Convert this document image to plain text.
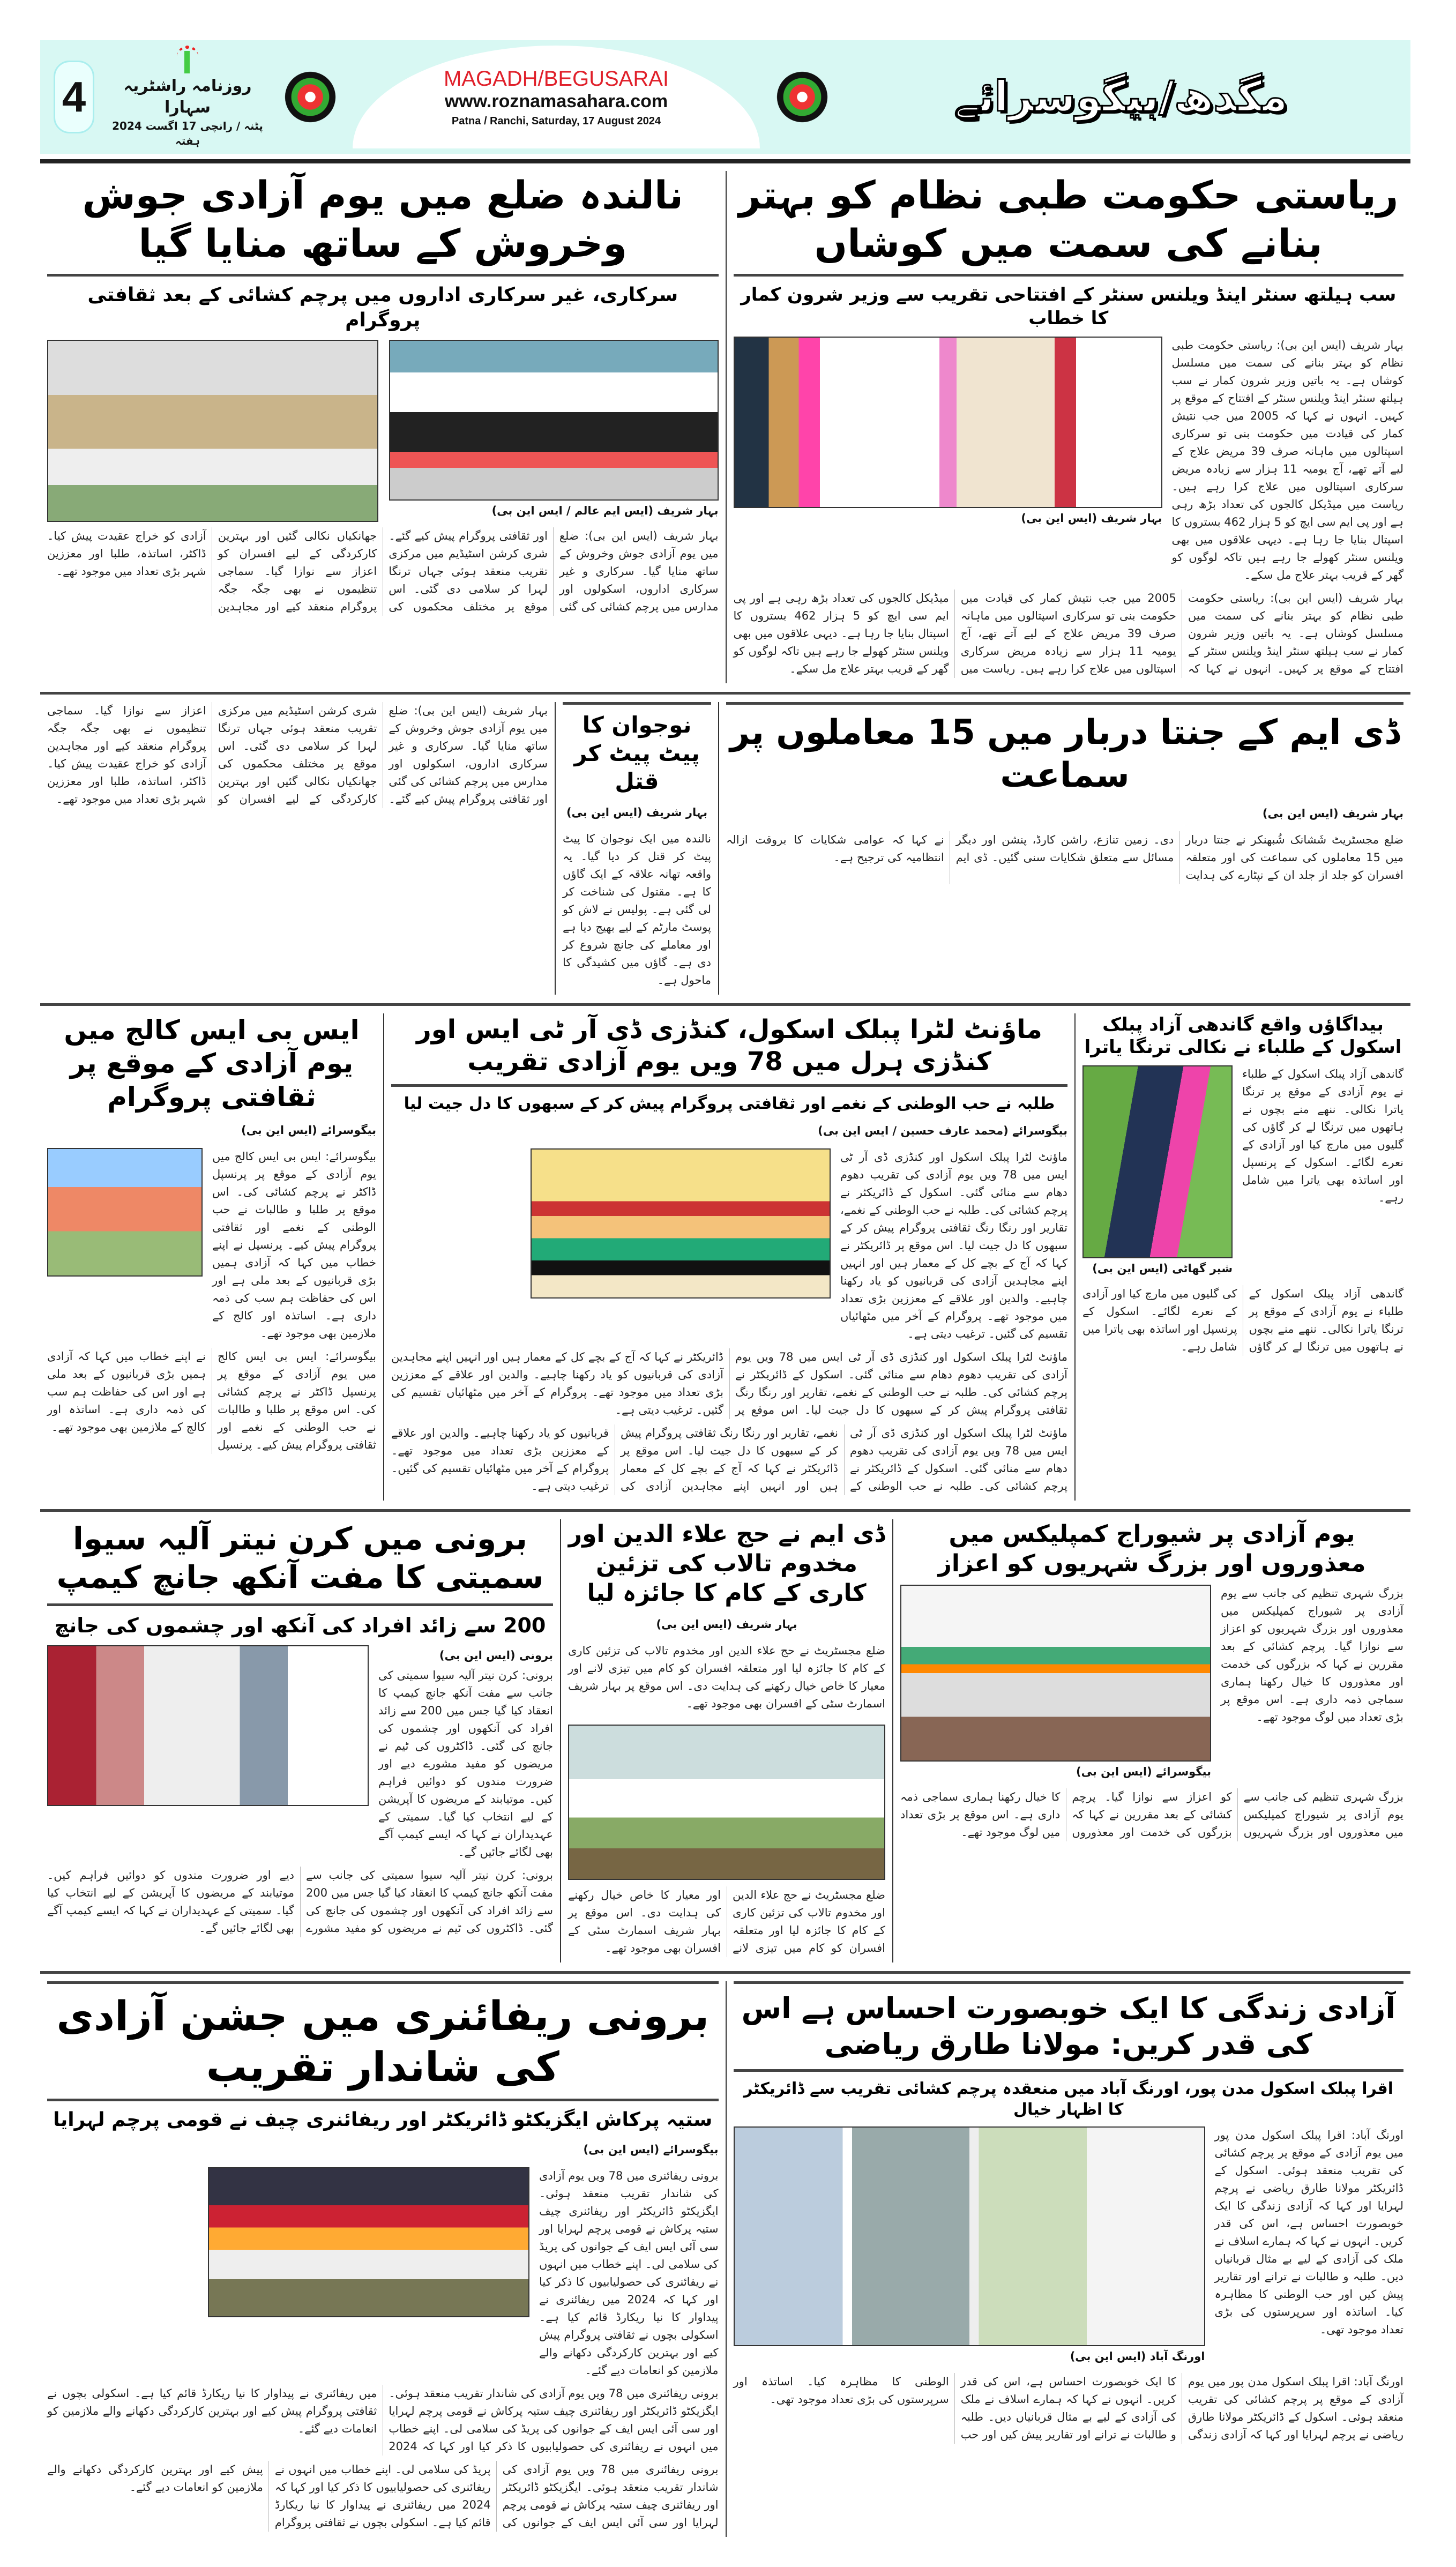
4	روزنامہ راشٹریہ سہارا
پٹنہ / رانچی 17 اگست 2024 ہفتہ
MAGADH/BEGUSARAI
www.roznamasahara.com
Patna / Ranchi, Saturday, 17 August 2024	مگدھ/بیگوسرائے
نالندہ ضلع میں یوم آزادی جوش وخروش کے ساتھ منایا گیا
سرکاری، غیر سرکاری اداروں میں پرچم کشائی کے بعد ثقافتی پروگرام
بہار شریف (ایس ایم عالم / ایس این بی)
بہار شریف (ایس این بی): ضلع میں یوم آزادی جوش وخروش کے ساتھ منایا گیا۔ سرکاری و غیر سرکاری اداروں، اسکولوں اور مدارس میں پرچم کشائی کی گئی اور ثقافتی پروگرام پیش کیے گئے۔ شری کرشن اسٹیڈیم میں مرکزی تقریب منعقد ہوئی جہاں ترنگا لہرا کر سلامی دی گئی۔ اس موقع پر مختلف محکموں کی جھانکیاں نکالی گئیں اور بہترین کارکردگی کے لیے افسران کو اعزاز سے نوازا گیا۔ سماجی تنظیموں نے بھی جگہ جگہ پروگرام منعقد کیے اور مجاہدین آزادی کو خراج عقیدت پیش کیا۔ ڈاکٹر، اساتذہ، طلبا اور معززین شہر بڑی تعداد میں موجود تھے۔
ریاستی حکومت طبی نظام کو بہتر بنانے کی سمت میں کوشاں
سب ہیلتھ سنٹر اینڈ ویلنس سنٹر کے افتتاحی تقریب سے وزیر شرون کمار کا خطاب
بہار شریف (ایس این بی)
بہار شریف (ایس این بی): ریاستی حکومت طبی نظام کو بہتر بنانے کی سمت میں مسلسل کوشاں ہے۔ یہ باتیں وزیر شرون کمار نے سب ہیلتھ سنٹر اینڈ ویلنس سنٹر کے افتتاح کے موقع پر کہیں۔ انہوں نے کہا کہ 2005 میں جب نتیش کمار کی قیادت میں حکومت بنی تو سرکاری اسپتالوں میں ماہانہ صرف 39 مریض علاج کے لیے آتے تھے، آج یومیہ 11 ہزار سے زیادہ مریض سرکاری اسپتالوں میں علاج کرا رہے ہیں۔ ریاست میں میڈیکل کالجوں کی تعداد بڑھ رہی ہے اور پی ایم سی ایچ کو 5 ہزار 462 بستروں کا اسپتال بنایا جا رہا ہے۔ دیہی علاقوں میں بھی ویلنس سنٹر کھولے جا رہے ہیں تاکہ لوگوں کو گھر کے قریب بہتر علاج مل سکے۔
بہار شریف (ایس این بی): ریاستی حکومت طبی نظام کو بہتر بنانے کی سمت میں مسلسل کوشاں ہے۔ یہ باتیں وزیر شرون کمار نے سب ہیلتھ سنٹر اینڈ ویلنس سنٹر کے افتتاح کے موقع پر کہیں۔ انہوں نے کہا کہ 2005 میں جب نتیش کمار کی قیادت میں حکومت بنی تو سرکاری اسپتالوں میں ماہانہ صرف 39 مریض علاج کے لیے آتے تھے، آج یومیہ 11 ہزار سے زیادہ مریض سرکاری اسپتالوں میں علاج کرا رہے ہیں۔ ریاست میں میڈیکل کالجوں کی تعداد بڑھ رہی ہے اور پی ایم سی ایچ کو 5 ہزار 462 بستروں کا اسپتال بنایا جا رہا ہے۔ دیہی علاقوں میں بھی ویلنس سنٹر کھولے جا رہے ہیں تاکہ لوگوں کو گھر کے قریب بہتر علاج مل سکے۔
بہار شریف (ایس این بی): ضلع میں یوم آزادی جوش وخروش کے ساتھ منایا گیا۔ سرکاری و غیر سرکاری اداروں، اسکولوں اور مدارس میں پرچم کشائی کی گئی اور ثقافتی پروگرام پیش کیے گئے۔ شری کرشن اسٹیڈیم میں مرکزی تقریب منعقد ہوئی جہاں ترنگا لہرا کر سلامی دی گئی۔ اس موقع پر مختلف محکموں کی جھانکیاں نکالی گئیں اور بہترین کارکردگی کے لیے افسران کو اعزاز سے نوازا گیا۔ سماجی تنظیموں نے بھی جگہ جگہ پروگرام منعقد کیے اور مجاہدین آزادی کو خراج عقیدت پیش کیا۔ ڈاکٹر، اساتذہ، طلبا اور معززین شہر بڑی تعداد میں موجود تھے۔
نوجوان کا پیٹ پیٹ کر قتل
بہار شریف (ایس این بی)
نالندہ میں ایک نوجوان کا پیٹ پیٹ کر قتل کر دیا گیا۔ یہ واقعہ تھانہ علاقہ کے ایک گاؤں کا ہے۔ مقتول کی شناخت کر لی گئی ہے۔ پولیس نے لاش کو پوسٹ مارٹم کے لیے بھیج دیا ہے اور معاملے کی جانچ شروع کر دی ہے۔ گاؤں میں کشیدگی کا ماحول ہے۔
ڈی ایم کے جنتا دربار میں 15 معاملوں پر سماعت
بہار شریف (ایس این بی)
ضلع مجسٹریٹ شَشانک شُبھنکر نے جنتا دربار میں 15 معاملوں کی سماعت کی اور متعلقہ افسران کو جلد از جلد ان کے نپٹارے کی ہدایت دی۔ زمین تنازع، راشن کارڈ، پنشن اور دیگر مسائل سے متعلق شکایات سنی گئیں۔ ڈی ایم نے کہا کہ عوامی شکایات کا بروقت ازالہ انتظامیہ کی ترجیح ہے۔
ایس بی ایس کالج میں یوم آزادی کے موقع پر ثقافتی پروگرام
بیگوسرائے (ایس این بی)
بیگوسرائے: ایس بی ایس کالج میں یوم آزادی کے موقع پر پرنسپل ڈاکٹر نے پرچم کشائی کی۔ اس موقع پر طلبا و طالبات نے حب الوطنی کے نغمے اور ثقافتی پروگرام پیش کیے۔ پرنسپل نے اپنے خطاب میں کہا کہ آزادی ہمیں بڑی قربانیوں کے بعد ملی ہے اور اس کی حفاظت ہم سب کی ذمہ داری ہے۔ اساتذہ اور کالج کے ملازمین بھی موجود تھے۔
بیگوسرائے: ایس بی ایس کالج میں یوم آزادی کے موقع پر پرنسپل ڈاکٹر نے پرچم کشائی کی۔ اس موقع پر طلبا و طالبات نے حب الوطنی کے نغمے اور ثقافتی پروگرام پیش کیے۔ پرنسپل نے اپنے خطاب میں کہا کہ آزادی ہمیں بڑی قربانیوں کے بعد ملی ہے اور اس کی حفاظت ہم سب کی ذمہ داری ہے۔ اساتذہ اور کالج کے ملازمین بھی موجود تھے۔
ماؤنٹ لٹرا پبلک اسکول، کنڈزی ڈی آر ٹی ایس اور کنڈزی ہرل میں 78 ویں یوم آزادی تقریب
طلبہ نے حب الوطنی کے نغمے اور ثقافتی پروگرام پیش کر کے سبھوں کا دل جیت لیا
بیگوسرائے (محمد عارف حسین / ایس این بی)
ماؤنٹ لٹرا پبلک اسکول اور کنڈزی ڈی آر ٹی ایس میں 78 ویں یوم آزادی کی تقریب دھوم دھام سے منائی گئی۔ اسکول کے ڈائریکٹر نے پرچم کشائی کی۔ طلبہ نے حب الوطنی کے نغمے، تقاریر اور رنگا رنگ ثقافتی پروگرام پیش کر کے سبھوں کا دل جیت لیا۔ اس موقع پر ڈائریکٹر نے کہا کہ آج کے بچے کل کے معمار ہیں اور انہیں اپنے مجاہدین آزادی کی قربانیوں کو یاد رکھنا چاہیے۔ والدین اور علاقے کے معززین بڑی تعداد میں موجود تھے۔ پروگرام کے آخر میں مٹھائیاں تقسیم کی گئیں۔ ترغیب دیتی ہے۔
ماؤنٹ لٹرا پبلک اسکول اور کنڈزی ڈی آر ٹی ایس میں 78 ویں یوم آزادی کی تقریب دھوم دھام سے منائی گئی۔ اسکول کے ڈائریکٹر نے پرچم کشائی کی۔ طلبہ نے حب الوطنی کے نغمے، تقاریر اور رنگا رنگ ثقافتی پروگرام پیش کر کے سبھوں کا دل جیت لیا۔ اس موقع پر ڈائریکٹر نے کہا کہ آج کے بچے کل کے معمار ہیں اور انہیں اپنے مجاہدین آزادی کی قربانیوں کو یاد رکھنا چاہیے۔ والدین اور علاقے کے معززین بڑی تعداد میں موجود تھے۔ پروگرام کے آخر میں مٹھائیاں تقسیم کی گئیں۔ ترغیب دیتی ہے۔
ماؤنٹ لٹرا پبلک اسکول اور کنڈزی ڈی آر ٹی ایس میں 78 ویں یوم آزادی کی تقریب دھوم دھام سے منائی گئی۔ اسکول کے ڈائریکٹر نے پرچم کشائی کی۔ طلبہ نے حب الوطنی کے نغمے، تقاریر اور رنگا رنگ ثقافتی پروگرام پیش کر کے سبھوں کا دل جیت لیا۔ اس موقع پر ڈائریکٹر نے کہا کہ آج کے بچے کل کے معمار ہیں اور انہیں اپنے مجاہدین آزادی کی قربانیوں کو یاد رکھنا چاہیے۔ والدین اور علاقے کے معززین بڑی تعداد میں موجود تھے۔ پروگرام کے آخر میں مٹھائیاں تقسیم کی گئیں۔ ترغیب دیتی ہے۔
بیداگاؤں واقع گاندھی آزاد پبلک اسکول کے طلباء نے نکالی ترنگا یاترا
شیر گھاٹی (ایس این بی)
گاندھی آزاد پبلک اسکول کے طلباء نے یوم آزادی کے موقع پر ترنگا یاترا نکالی۔ ننھے منے بچوں نے ہاتھوں میں ترنگا لے کر گاؤں کی گلیوں میں مارچ کیا اور آزادی کے نعرے لگائے۔ اسکول کے پرنسپل اور اساتذہ بھی یاترا میں شامل رہے۔
گاندھی آزاد پبلک اسکول کے طلباء نے یوم آزادی کے موقع پر ترنگا یاترا نکالی۔ ننھے منے بچوں نے ہاتھوں میں ترنگا لے کر گاؤں کی گلیوں میں مارچ کیا اور آزادی کے نعرے لگائے۔ اسکول کے پرنسپل اور اساتذہ بھی یاترا میں شامل رہے۔
برونی میں کرن نیتر آلیہ سیوا سمیتی کا مفت آنکھ جانچ کیمپ
200 سے زائد افراد کی آنکھ اور چشموں کی جانچ
برونی (ایس این بی)
برونی: کرن نیتر آلیہ سیوا سمیتی کی جانب سے مفت آنکھ جانچ کیمپ کا انعقاد کیا گیا جس میں 200 سے زائد افراد کی آنکھوں اور چشموں کی جانچ کی گئی۔ ڈاکٹروں کی ٹیم نے مریضوں کو مفید مشورے دیے اور ضرورت مندوں کو دوائیں فراہم کیں۔ موتیابند کے مریضوں کا آپریشن کے لیے انتخاب کیا گیا۔ سمیتی کے عہدیداران نے کہا کہ ایسے کیمپ آگے بھی لگائے جائیں گے۔
برونی: کرن نیتر آلیہ سیوا سمیتی کی جانب سے مفت آنکھ جانچ کیمپ کا انعقاد کیا گیا جس میں 200 سے زائد افراد کی آنکھوں اور چشموں کی جانچ کی گئی۔ ڈاکٹروں کی ٹیم نے مریضوں کو مفید مشورے دیے اور ضرورت مندوں کو دوائیں فراہم کیں۔ موتیابند کے مریضوں کا آپریشن کے لیے انتخاب کیا گیا۔ سمیتی کے عہدیداران نے کہا کہ ایسے کیمپ آگے بھی لگائے جائیں گے۔
ڈی ایم نے حج علاء الدین اور مخدوم تالاب کی تزئین کاری کے کام کا جائزہ لیا
بہار شریف (ایس این بی)
ضلع مجسٹریٹ نے حج علاء الدین اور مخدوم تالاب کی تزئین کاری کے کام کا جائزہ لیا اور متعلقہ افسران کو کام میں تیزی لانے اور معیار کا خاص خیال رکھنے کی ہدایت دی۔ اس موقع پر بہار شریف اسمارٹ سٹی کے افسران بھی موجود تھے۔
ضلع مجسٹریٹ نے حج علاء الدین اور مخدوم تالاب کی تزئین کاری کے کام کا جائزہ لیا اور متعلقہ افسران کو کام میں تیزی لانے اور معیار کا خاص خیال رکھنے کی ہدایت دی۔ اس موقع پر بہار شریف اسمارٹ سٹی کے افسران بھی موجود تھے۔
یوم آزادی پر شیوراج کمپلیکس میں معذوروں اور بزرگ شہریوں کو اعزاز
بیگوسرائے (ایس این بی)
بزرگ شہری تنظیم کی جانب سے یوم آزادی پر شیوراج کمپلیکس میں معذوروں اور بزرگ شہریوں کو اعزاز سے نوازا گیا۔ پرچم کشائی کے بعد مقررین نے کہا کہ بزرگوں کی خدمت اور معذوروں کا خیال رکھنا ہماری سماجی ذمہ داری ہے۔ اس موقع پر بڑی تعداد میں لوگ موجود تھے۔
بزرگ شہری تنظیم کی جانب سے یوم آزادی پر شیوراج کمپلیکس میں معذوروں اور بزرگ شہریوں کو اعزاز سے نوازا گیا۔ پرچم کشائی کے بعد مقررین نے کہا کہ بزرگوں کی خدمت اور معذوروں کا خیال رکھنا ہماری سماجی ذمہ داری ہے۔ اس موقع پر بڑی تعداد میں لوگ موجود تھے۔
برونی ریفائنری میں جشن آزادی کی شاندار تقریب
ستیہ پرکاش ایگزیکٹو ڈائریکٹر اور ریفائنری چیف نے قومی پرچم لہرایا
بیگوسرائے (ایس این بی)
برونی ریفائنری میں 78 ویں یوم آزادی کی شاندار تقریب منعقد ہوئی۔ ایگزیکٹو ڈائریکٹر اور ریفائنری چیف ستیہ پرکاش نے قومی پرچم لہرایا اور سی آئی ایس ایف کے جوانوں کی پریڈ کی سلامی لی۔ اپنے خطاب میں انہوں نے ریفائنری کی حصولیابیوں کا ذکر کیا اور کہا کہ 2024 میں ریفائنری نے پیداوار کا نیا ریکارڈ قائم کیا ہے۔ اسکولی بچوں نے ثقافتی پروگرام پیش کیے اور بہترین کارکردگی دکھانے والے ملازمین کو انعامات دیے گئے۔
برونی ریفائنری میں 78 ویں یوم آزادی کی شاندار تقریب منعقد ہوئی۔ ایگزیکٹو ڈائریکٹر اور ریفائنری چیف ستیہ پرکاش نے قومی پرچم لہرایا اور سی آئی ایس ایف کے جوانوں کی پریڈ کی سلامی لی۔ اپنے خطاب میں انہوں نے ریفائنری کی حصولیابیوں کا ذکر کیا اور کہا کہ 2024 میں ریفائنری نے پیداوار کا نیا ریکارڈ قائم کیا ہے۔ اسکولی بچوں نے ثقافتی پروگرام پیش کیے اور بہترین کارکردگی دکھانے والے ملازمین کو انعامات دیے گئے۔
برونی ریفائنری میں 78 ویں یوم آزادی کی شاندار تقریب منعقد ہوئی۔ ایگزیکٹو ڈائریکٹر اور ریفائنری چیف ستیہ پرکاش نے قومی پرچم لہرایا اور سی آئی ایس ایف کے جوانوں کی پریڈ کی سلامی لی۔ اپنے خطاب میں انہوں نے ریفائنری کی حصولیابیوں کا ذکر کیا اور کہا کہ 2024 میں ریفائنری نے پیداوار کا نیا ریکارڈ قائم کیا ہے۔ اسکولی بچوں نے ثقافتی پروگرام پیش کیے اور بہترین کارکردگی دکھانے والے ملازمین کو انعامات دیے گئے۔
آزادی زندگی کا ایک خوبصورت احساس ہے اس کی قدر کریں: مولانا طارق ریاضی
اقرا پبلک اسکول مدن پور، اورنگ آباد میں منعقدہ پرچم کشائی تقریب سے ڈائریکٹر کا اظہار خیال
اورنگ آباد (ایس این بی)
اورنگ آباد: اقرا پبلک اسکول مدن پور میں یوم آزادی کے موقع پر پرچم کشائی کی تقریب منعقد ہوئی۔ اسکول کے ڈائریکٹر مولانا طارق ریاضی نے پرچم لہرایا اور کہا کہ آزادی زندگی کا ایک خوبصورت احساس ہے، اس کی قدر کریں۔ انہوں نے کہا کہ ہمارے اسلاف نے ملک کی آزادی کے لیے بے مثال قربانیاں دیں۔ طلبہ و طالبات نے ترانے اور تقاریر پیش کیں اور حب الوطنی کا مظاہرہ کیا۔ اساتذہ اور سرپرستوں کی بڑی تعداد موجود تھی۔
اورنگ آباد: اقرا پبلک اسکول مدن پور میں یوم آزادی کے موقع پر پرچم کشائی کی تقریب منعقد ہوئی۔ اسکول کے ڈائریکٹر مولانا طارق ریاضی نے پرچم لہرایا اور کہا کہ آزادی زندگی کا ایک خوبصورت احساس ہے، اس کی قدر کریں۔ انہوں نے کہا کہ ہمارے اسلاف نے ملک کی آزادی کے لیے بے مثال قربانیاں دیں۔ طلبہ و طالبات نے ترانے اور تقاریر پیش کیں اور حب الوطنی کا مظاہرہ کیا۔ اساتذہ اور سرپرستوں کی بڑی تعداد موجود تھی۔
